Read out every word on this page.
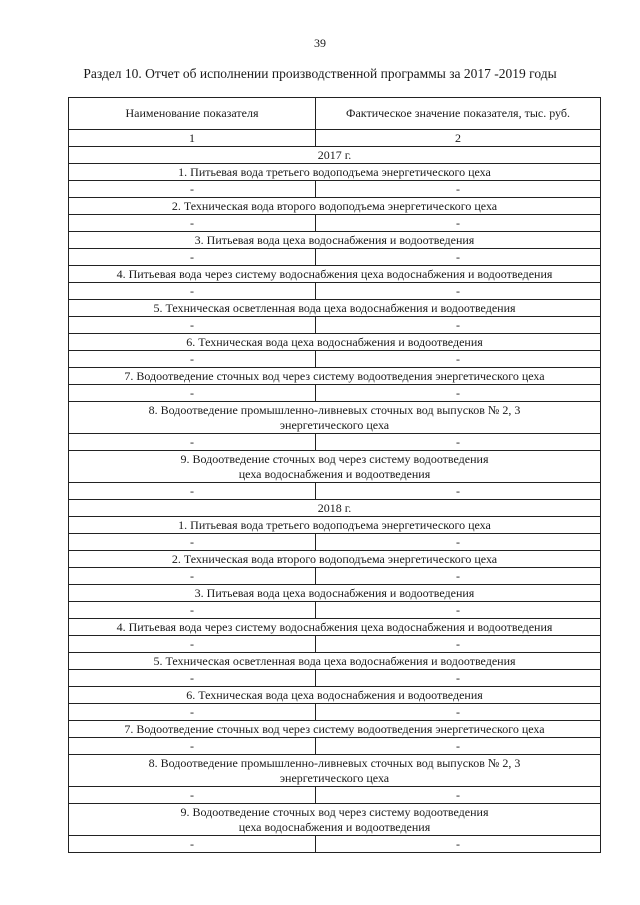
39
Раздел 10. Отчет об исполнении производственной программы за 2017 -2019 годы
Наименование показателя	Фактическое значение показателя, тыс. руб.
1	2
2017 г.	
1. Питьевая вода третьего водоподъема энергетического цеха	
-	-
2. Техническая вода второго водоподъема энергетического цеха	
-	-
3. Питьевая вода цеха водоснабжения и водоотведения	
-	-
4. Питьевая вода через систему водоснабжения цеха водоснабжения и водоотведения	
-	-
5. Техническая осветленная вода цеха водоснабжения и водоотведения	
-	-
6. Техническая вода цеха водоснабжения и водоотведения	
-	-
7. Водоотведение сточных вод через систему водоотведения энергетического цеха	
-	-
8. Водоотведение промышленно-ливневых сточных вод выпусков № 2, 3
энергетического цеха	
-	-
9. Водоотведение сточных вод через систему водоотведения
цеха водоснабжения и водоотведения	
-	-
2018 г.	
1. Питьевая вода третьего водоподъема энергетического цеха	
-	-
2. Техническая вода второго водоподъема энергетического цеха	
-	-
3. Питьевая вода цеха водоснабжения и водоотведения	
-	-
4. Питьевая вода через систему водоснабжения цеха водоснабжения и водоотведения	
-	-
5. Техническая осветленная вода цеха водоснабжения и водоотведения	
-	-
6. Техническая вода цеха водоснабжения и водоотведения	
-	-
7. Водоотведение сточных вод через систему водоотведения энергетического цеха	
-	-
8. Водоотведение промышленно-ливневых сточных вод выпусков № 2, 3
энергетического цеха	
-	-
9. Водоотведение сточных вод через систему водоотведения
цеха водоснабжения и водоотведения	
-	-
